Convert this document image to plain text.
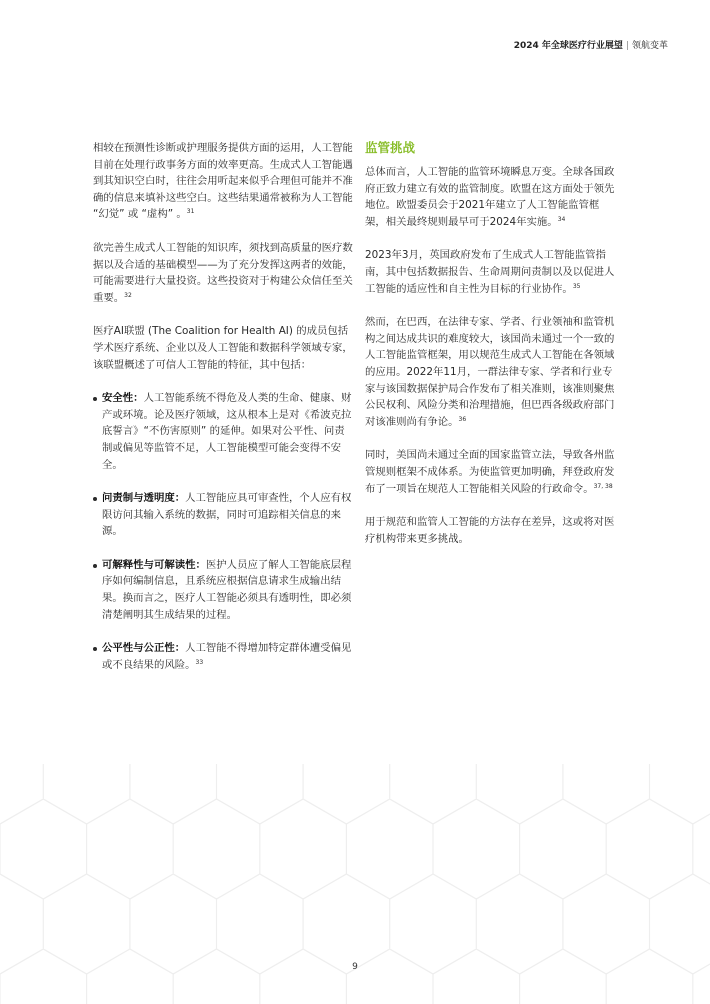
2024 年全球医疗行业展望 | 领航变革

相较在预测性诊断或护理服务提供方面的运用，人工智能目前在处理行政事务方面的效率更高。生成式人工智能遇到其知识空白时，往往会用听起来似乎合理但可能并不准确的信息来填补这些空白。这些结果通常被称为人工智能 “幻觉” 或 “虚构” 。$^{31}$

欲完善生成式人工智能的知识库，须找到高质量的医疗数据以及合适的基础模型——为了充分发挥这两者的效能，可能需要进行大量投资。这些投资对于构建公众信任至关重要。$^{32}$

医疗AI联盟 (The Coalition for Health AI) 的成员包括学术医疗系统、企业以及人工智能和数据科学领域专家，该联盟概述了可信人工智能的特征，其中包括：

安全性：人工智能系统不得危及人类的生命、健康、财产或环境。论及医疗领域，这从根本上是对《希波克拉底誓言》“不伤害原则” 的延伸。如果对公平性、问责制或偏见等监管不足，人工智能模型可能会变得不安全。
问责制与透明度：人工智能应具可审查性，个人应有权限访问其输入系统的数据，同时可追踪相关信息的来源。
可解释性与可解读性：医护人员应了解人工智能底层程序如何编制信息，且系统应根据信息请求生成输出结果。换而言之，医疗人工智能必须具有透明性，即必须清楚阐明其生成结果的过程。
公平性与公正性：人工智能不得增加特定群体遭受偏见或不良结果的风险。$^{33}$
监管挑战

总体而言，人工智能的监管环境瞬息万变。全球各国政府正致力建立有效的监管制度。欧盟在这方面处于领先地位。欧盟委员会于2021年建立了人工智能监管框架，相关最终规则最早可于2024年实施。$^{34}$

2023年3月，英国政府发布了生成式人工智能监管指南，其中包括数据报告、生命周期问责制以及以促进人工智能的适应性和自主性为目标的行业协作。$^{35}$

然而，在巴西，在法律专家、学者、行业领袖和监管机构之间达成共识的难度较大，该国尚未通过一个一致的人工智能监管框架，用以规范生成式人工智能在各领域的应用。2022年11月，一群法律专家、学者和行业专家与该国数据保护局合作发布了相关准则，该准则聚焦公民权利、风险分类和治理措施，但巴西各级政府部门对该准则尚有争论。$^{36}$

同时，美国尚未通过全面的国家监管立法，导致各州监管规则框架不成体系。为使监管更加明确，拜登政府发布了一项旨在规范人工智能相关风险的行政命令。$^{37, 38}$

用于规范和监管人工智能的方法存在差异，这或将对医疗机构带来更多挑战。

9
